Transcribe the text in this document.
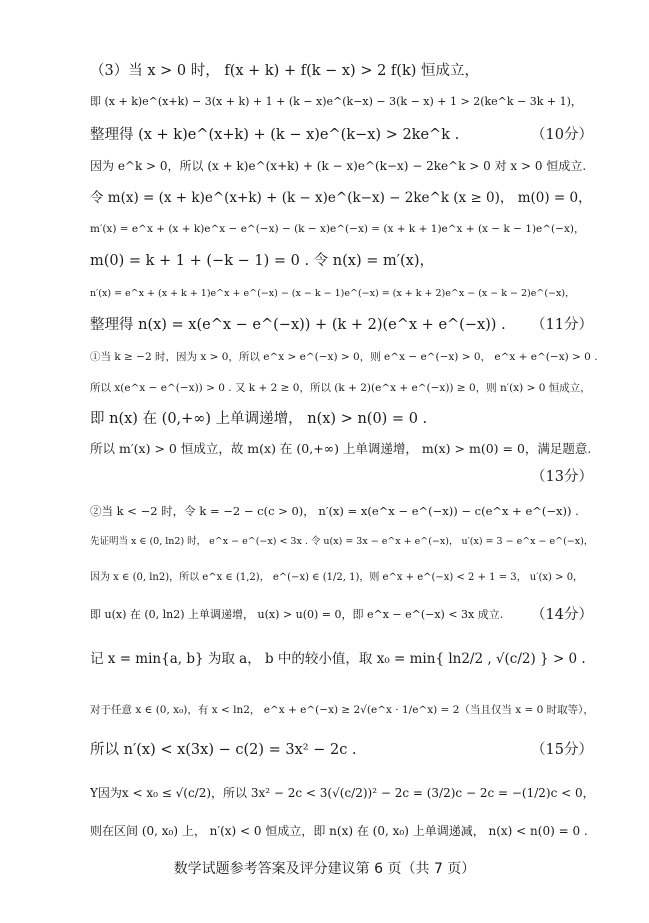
（3）当 x > 0 时， f(x + k) + f(k − x) > 2 f(k) 恒成立，
即 (x + k)e^(x+k) − 3(x + k) + 1 + (k − x)e^(k−x) − 3(k − x) + 1 > 2(ke^k − 3k + 1)，
整理得 (x + k)e^(x+k) + (k − x)e^(k−x) > 2ke^k .	（10分）
因为 e^k > 0，所以 (x + k)e^(x+k) + (k − x)e^(k−x) − 2ke^k > 0 对 x > 0 恒成立.
令 m(x) = (x + k)e^(x+k) + (k − x)e^(k−x) − 2ke^k (x ≥ 0)， m(0) = 0，
m′(x) = e^x + (x + k)e^x − e^(−x) − (k − x)e^(−x) = (x + k + 1)e^x + (x − k − 1)e^(−x)，
m(0) = k + 1 + (−k − 1) = 0 . 令 n(x) = m′(x)，
n′(x) = e^x + (x + k + 1)e^x + e^(−x) − (x − k − 1)e^(−x) = (x + k + 2)e^x − (x − k − 2)e^(−x)，
整理得 n(x) = x(e^x − e^(−x)) + (k + 2)(e^x + e^(−x)) . （11分）
①当 k ≥ −2 时，因为 x > 0，所以 e^x > e^(−x) > 0，则 e^x − e^(−x) > 0， e^x + e^(−x) > 0 .
所以 x(e^x − e^(−x)) > 0 . 又 k + 2 ≥ 0，所以 (k + 2)(e^x + e^(−x)) ≥ 0，则 n′(x) > 0 恒成立，
即 n(x) 在 (0,+∞) 上单调递增， n(x) > n(0) = 0 .
所以 m′(x) > 0 恒成立，故 m(x) 在 (0,+∞) 上单调递增， m(x) > m(0) = 0，满足题意.
（13分）
②当 k < −2 时，令 k = −2 − c(c > 0)， n′(x) = x(e^x − e^(−x)) − c(e^x + e^(−x)) .
先证明当 x ∈ (0, ln2) 时， e^x − e^(−x) < 3x . 令 u(x) = 3x − e^x + e^(−x)， u′(x) = 3 − e^x − e^(−x)，
因为 x ∈ (0, ln2)，所以 e^x ∈ (1,2)， e^(−x) ∈ (1/2, 1)，则 e^x + e^(−x) < 2 + 1 = 3， u′(x) > 0，
即 u(x) 在 (0, ln2) 上单调递增， u(x) > u(0) = 0，即 e^x − e^(−x) < 3x 成立.	（14分）
记 x = min{a, b} 为取 a， b 中的较小值，取 x₀ = min{ ln2/2 , √(c/2) } > 0 .
对于任意 x ∈ (0, x₀)，有 x < ln2， e^x + e^(−x) ≥ 2√(e^x · 1/e^x) = 2（当且仅当 x = 0 时取等），
所以 n′(x) < x(3x) − c(2) = 3x² − 2c .	（15分）
Y因为x < x₀ ≤ √(c/2)，所以 3x² − 2c < 3(√(c/2))² − 2c = (3/2)c − 2c = −(1/2)c < 0，
则在区间 (0, x₀) 上， n′(x) < 0 恒成立，即 n(x) 在 (0, x₀) 上单调递减， n(x) < n(0) = 0 .
数学试题参考答案及评分建议第 6 页（共 7 页）
